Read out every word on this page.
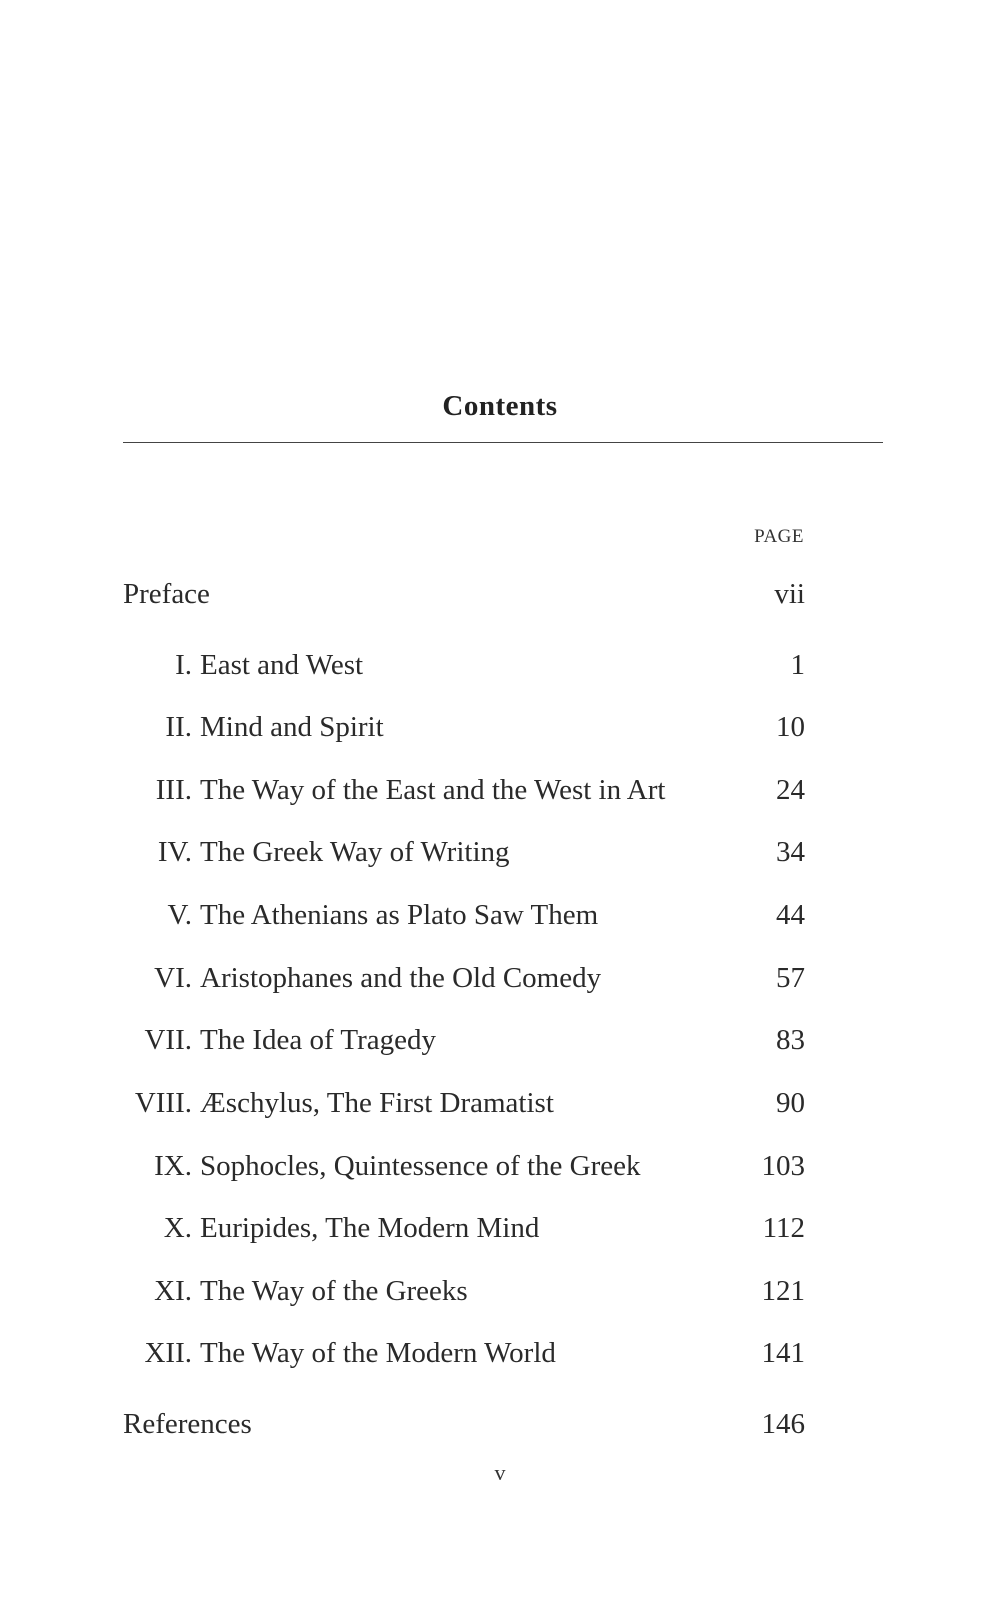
Contents
PAGE
Preface	vii
I. East and West	1
II. Mind and Spirit	10
III. The Way of the East and the West in Art	24
IV. The Greek Way of Writing	34
V. The Athenians as Plato Saw Them	44
VI. Aristophanes and the Old Comedy	57
VII. The Idea of Tragedy	83
VIII. Æschylus, The First Dramatist	90
IX. Sophocles, Quintessence of the Greek	103
X. Euripides, The Modern Mind	112
XI. The Way of the Greeks	121
XII. The Way of the Modern World	141
References	146
v
